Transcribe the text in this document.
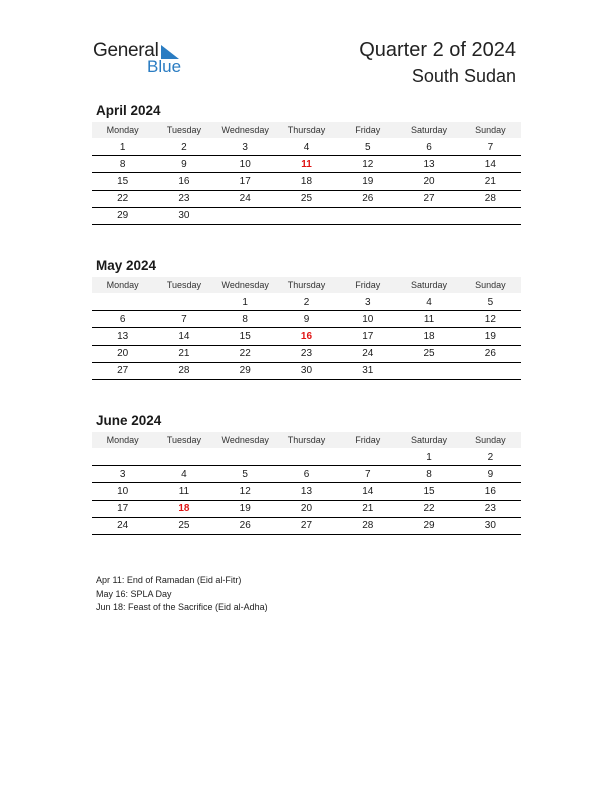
General
Blue
Quarter 2 of 2024
South Sudan
April 2024
Monday	Tuesday	Wednesday	Thursday	Friday	Saturday	Sunday

1	2	3	4	5	6	7
8	9	10	11	12	13	14
15	16	17	18	19	20	21
22	23	24	25	26	27	28
29	30					
May 2024
Monday	Tuesday	Wednesday	Thursday	Friday	Saturday	Sunday

		1	2	3	4	5
6	7	8	9	10	11	12
13	14	15	16	17	18	19
20	21	22	23	24	25	26
27	28	29	30	31		
June 2024
Monday	Tuesday	Wednesday	Thursday	Friday	Saturday	Sunday

					1	2
3	4	5	6	7	8	9
10	11	12	13	14	15	16
17	18	19	20	21	22	23
24	25	26	27	28	29	30
Apr 11: End of Ramadan (Eid al-Fitr)
May 16: SPLA Day
Jun 18: Feast of the Sacrifice (Eid al-Adha)
